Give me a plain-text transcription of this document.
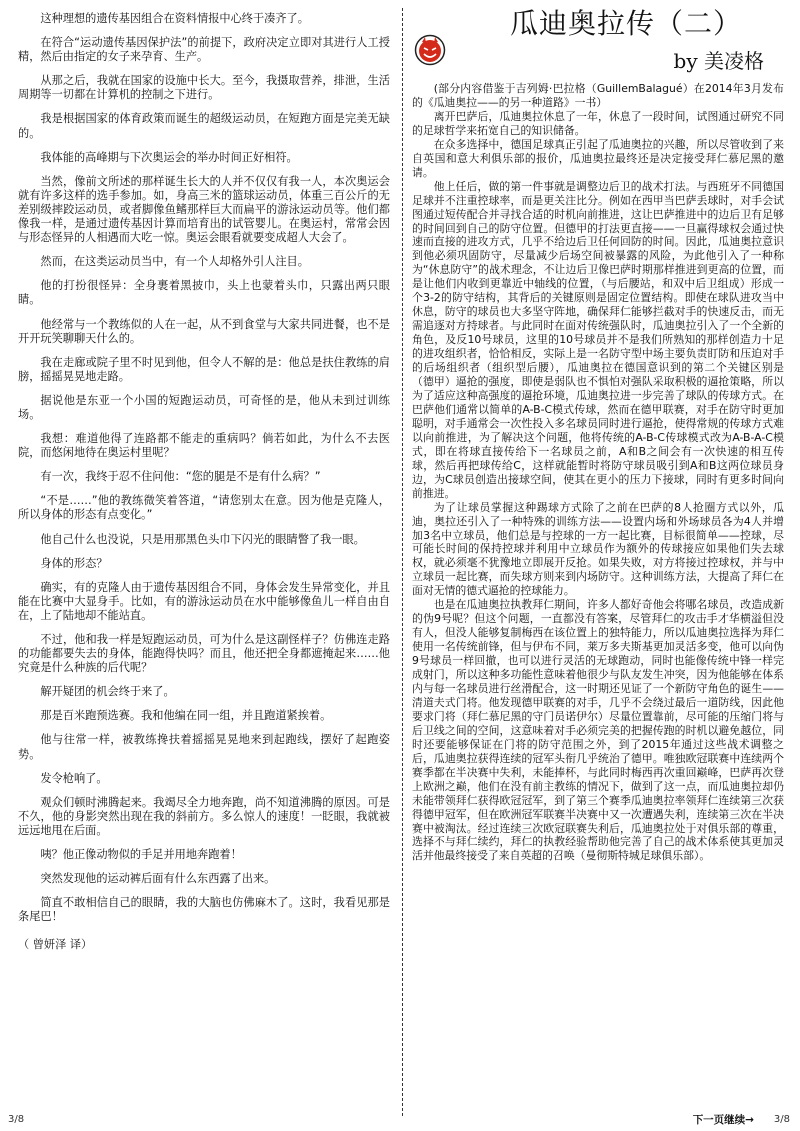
这种理想的遗传基因组合在资料情报中心终于凑齐了。

在符合“运动遗传基因保护法”的前提下，政府决定立即对其进行人工授精，然后由指定的女子来孕育、生产。

从那之后，我就在国家的设施中长大。至今，我摄取营养，排泄，生活周期等一切都在计算机的控制之下进行。

我是根据国家的体育政策而诞生的超级运动员，在短跑方面是完美无缺的。

我体能的高峰期与下次奥运会的举办时间正好相符。

当然，像前文所述的那样诞生长大的人并不仅仅有我一人，本次奥运会就有许多这样的选手参加。如，身高三米的篮球运动员，体重三百公斤的无差别级摔跤运动员，或者脚像鱼鳍那样巨大而扁平的游泳运动员等。他们都像我一样，是通过遗传基因计算而培育出的试管婴儿。在奥运村，常常会因与形态怪异的人相遇而大吃一惊。奥运会眼看就要变成超人大会了。

然而，在这类运动员当中，有一个人却格外引人注目。

他的打扮很怪异：全身裹着黑披巾，头上也蒙着头巾，只露出两只眼睛。

他经常与一个教练似的人在一起，从不到食堂与大家共同进餐，也不是开开玩笑聊聊天什么的。

我在走廊或院子里不时见到他，但令人不解的是：他总是扶住教练的肩膀，摇摇晃晃地走路。

据说他是东亚一个小国的短跑运动员，可奇怪的是，他从未到过训练场。

我想：难道他得了连路都不能走的重病吗？倘若如此，为什么不去医院，而悠闲地待在奥运村里呢？

有一次，我终于忍不住问他：“您的腿是不是有什么病？”

“不是……”他的教练微笑着答道，“请您别太在意。因为他是克隆人，所以身体的形态有点变化。”

他自己什么也没说，只是用那黑色头巾下闪光的眼睛瞥了我一眼。

身体的形态？

确实，有的克隆人由于遗传基因组合不同，身体会发生异常变化，并且能在比赛中大显身手。比如，有的游泳运动员在水中能够像鱼儿一样自由自在，上了陆地却不能站直。

不过，他和我一样是短跑运动员，可为什么是这副怪样子？仿佛连走路的功能都要失去的身体，能跑得快吗？而且，他还把全身都遮掩起来……他究竟是什么种族的后代呢？

解开疑团的机会终于来了。

那是百米跑预选赛。我和他编在同一组，并且跑道紧挨着。

他与往常一样，被教练搀扶着摇摇晃晃地来到起跑线，摆好了起跑姿势。

发令枪响了。

观众们顿时沸腾起来。我竭尽全力地奔跑，尚不知道沸腾的原因。可是不久，他的身影突然出现在我的斜前方。多么惊人的速度！一眨眼，我就被远远地甩在后面。

咦？他正像动物似的手足并用地奔跑着！

突然发现他的运动裤后面有什么东西露了出来。

简直不敢相信自己的眼睛，我的大脑也仿佛麻木了。这时，我看见那是条尾巴！

（ 曾妍泽 译）

瓜迪奥拉传（二）
by 美凌格

(部分内容借鉴于吉列姆·巴拉格（GuillemBalagué）在2014年3月发布的《瓜迪奥拉——的另一种道路》一书）

离开巴萨后，瓜迪奥拉休息了一年，休息了一段时间，试图通过研究不同的足球哲学来拓宽自己的知识储备。

在众多选择中，德国足球真正引起了瓜迪奥拉的兴趣，所以尽管收到了来自英国和意大利俱乐部的报价，瓜迪奥拉最终还是决定接受拜仁慕尼黑的邀请。

他上任后，做的第一件事就是调整边后卫的战术打法。与西班牙不同德国足球并不注重控球率，而是更关注比分。例如在西甲当巴萨丢球时，对手会试图通过短传配合并寻找合适的时机向前推进，这让巴萨推进中的边后卫有足够的时间回到自己的防守位置。但德甲的打法更直接——一旦赢得球权会通过快速而直接的进攻方式，几乎不给边后卫任何回防的时间。因此，瓜迪奥拉意识到他必须巩固防守，尽量减少后场空间被暴露的风险，为此他引入了一种称为“休息防守”的战术理念，不让边后卫像巴萨时期那样推进到更高的位置，而是让他们内收到更靠近中轴线的位置，（与后腰站，和双中后卫组成）形成一个3-2的防守结构，其背后的关键原则是固定位置结构。即使在球队进攻当中休息，防守的球员也大多坚守阵地，确保拜仁能够拦截对手的快速反击，而无需追逐对方持球者。与此同时在面对传统强队时，瓜迪奥拉引入了一个全新的角色，及反10号球员，这里的10号球员并不是我们所熟知的那样创造力十足的进攻组织者，恰恰相反，实际上是一名防守型中场主要负责盯防和压迫对手的后场组织者（组织型后腰），瓜迪奥拉在德国意识到的第二个关键区别是（德甲）逼抢的强度，即使是弱队也不惧怕对强队采取积极的逼抢策略，所以为了适应这种高强度的逼抢环境，瓜迪奥拉进一步完善了球队的传球方式。在巴萨他们通常以简单的A-B-C模式传球，然而在德甲联赛，对手在防守时更加聪明，对手通常会一次性投入多名球员同时进行逼抢，使得常规的传球方式难以向前推进，为了解决这个问题，他将传统的A-B-C传球模式改为A-B-A-C模式，即在将球直接传给下一名球员之前，A和B之间会有一次快速的相互传球，然后再把球传给C，这样就能暂时将防守球员吸引到A和B这两位球员身边，为C球员创造出接球空间，使其在更小的压力下接球，同时有更多时间向前推进。

为了让球员掌握这种踢球方式除了之前在巴萨的8人抢圈方式以外，瓜迪，奥拉还引入了一种特殊的训练方法——设置内场和外场球员各为4人并增加3名中立球员，他们总是与控球的一方一起比赛，目标很简单——控球，尽可能长时间的保持控球并利用中立球员作为额外的传球接应如果他们失去球权，就必须毫不犹豫地立即展开反抢。如果失败，对方将接过控球权，并与中立球员一起比赛，而失球方则来到内场防守。这种训练方法，大提高了拜仁在面对无情的德式逼抢的控球能力。

也是在瓜迪奥拉执教拜仁期间，许多人都好奇他会将哪名球员，改造成新的伪9号呢？但这个问题，一直都没有答案，尽管拜仁的攻击手才华横溢但没有人，但没人能够复制梅西在该位置上的独特能力，所以瓜迪奥拉选择为拜仁使用一名传统前锋，但与伊布不同，莱万多夫斯基更加灵活多变，他可以向伪9号球员一样回撤，也可以进行灵活的无球跑动，同时也能像传统中锋一样完成射门，所以这种多功能性意味着他很少与队友发生冲突，因为他能够在体系内与每一名球员进行丝滑配合，这一时期还见证了一个新防守角色的诞生——清道夫式门将。他发现德甲联赛的对手，几乎不会绕过最后一道防线，因此他要求门将（拜仁慕尼黑的守门员诺伊尔）尽量位置靠前，尽可能的压缩门将与后卫线之间的空间，这意味着对手必须完美的把握传跑的时机以避免越位，同时还要能够保证在门将的防守范围之外，到了2015年通过这些战术调整之后，瓜迪奥拉获得连续的冠军头衔几乎统治了德甲。唯独欧冠联赛中连续两个赛季都在半决赛中失利，未能捧杯，与此同时梅西再次重回巅峰，巴萨再次登上欧洲之巅，他们在没有前主教练的情况下，做到了这一点，而瓜迪奥拉却仍未能带领拜仁获得欧冠冠军，到了第三个赛季瓜迪奥拉率领拜仁连续第三次获得德甲冠军，但在欧洲冠军联赛半决赛中又一次遭遇失利，连续第三次在半决赛中被淘汰。经过连续三次欧冠联赛失利后，瓜迪奥拉处于对俱乐部的尊重，选择不与拜仁续约，拜仁的执教经验帮助他完善了自己的战术体系使其更加灵活并他最终接受了来自英超的召唤（曼彻斯特城足球俱乐部）。

3/8	下一页继续→ 3/8
